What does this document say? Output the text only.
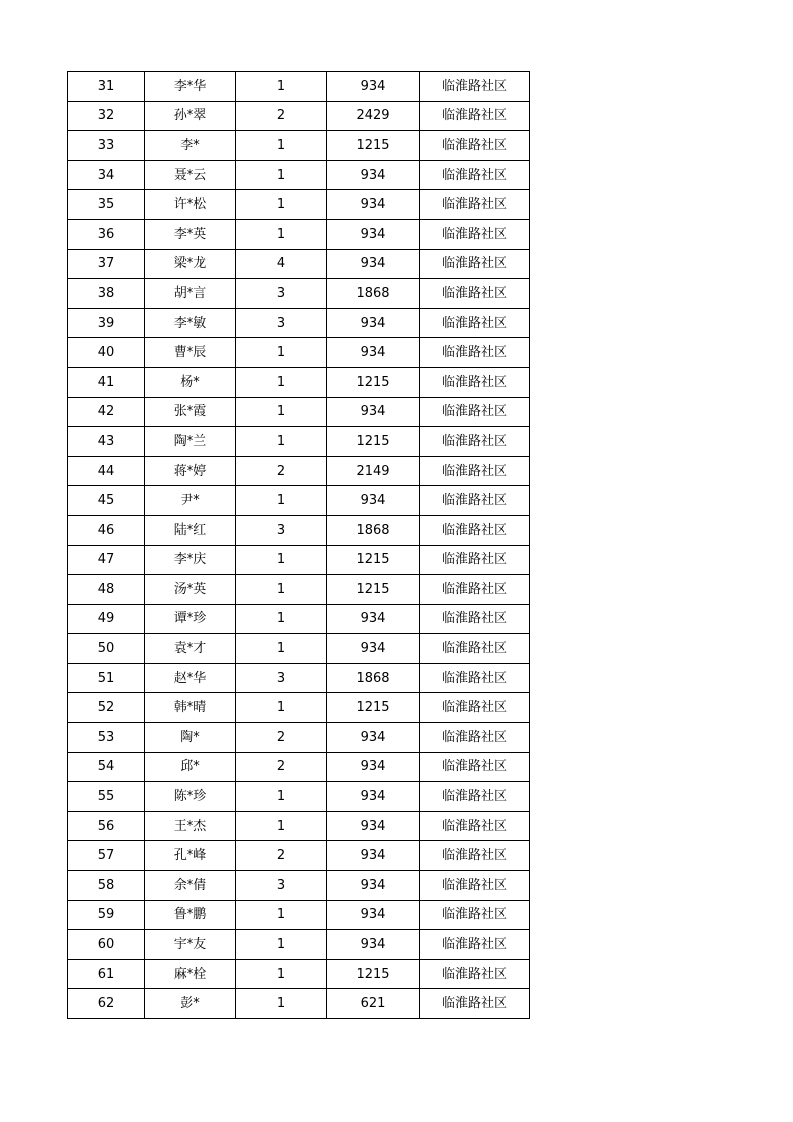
31	李*华	1	934	临淮路社区
32	孙*翠	2	2429	临淮路社区
33	李*	1	1215	临淮路社区
34	聂*云	1	934	临淮路社区
35	许*松	1	934	临淮路社区
36	李*英	1	934	临淮路社区
37	梁*龙	4	934	临淮路社区
38	胡*言	3	1868	临淮路社区
39	李*敏	3	934	临淮路社区
40	曹*辰	1	934	临淮路社区
41	杨*	1	1215	临淮路社区
42	张*霞	1	934	临淮路社区
43	陶*兰	1	1215	临淮路社区
44	蒋*婷	2	2149	临淮路社区
45	尹*	1	934	临淮路社区
46	陆*红	3	1868	临淮路社区
47	李*庆	1	1215	临淮路社区
48	汤*英	1	1215	临淮路社区
49	谭*珍	1	934	临淮路社区
50	袁*才	1	934	临淮路社区
51	赵*华	3	1868	临淮路社区
52	韩*晴	1	1215	临淮路社区
53	陶*	2	934	临淮路社区
54	邱*	2	934	临淮路社区
55	陈*珍	1	934	临淮路社区
56	王*杰	1	934	临淮路社区
57	孔*峰	2	934	临淮路社区
58	余*倩	3	934	临淮路社区
59	鲁*鹏	1	934	临淮路社区
60	宇*友	1	934	临淮路社区
61	麻*栓	1	1215	临淮路社区
62	彭*	1	621	临淮路社区
